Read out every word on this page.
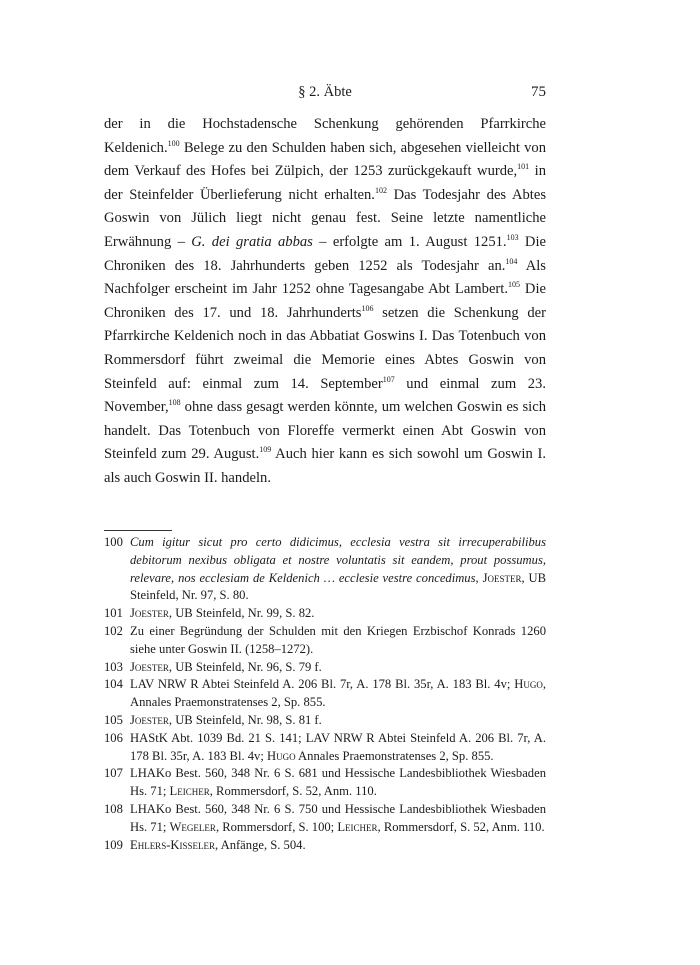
§ 2. Äbte	75

der in die Hochstadensche Schenkung gehörenden Pfarrkirche Keldenich.$^{100}$ Belege zu den Schulden haben sich, abgesehen vielleicht von dem Verkauf des Hofes bei Zülpich, der 1253 zurückgekauft wurde,$^{101}$ in der Steinfelder Überlieferung nicht erhalten.$^{102}$ Das Todesjahr des Abtes Goswin von Jülich liegt nicht genau fest. Seine letzte namentliche Erwähnung – G. dei gratia abbas – erfolgte am 1. August 1251.$^{103}$ Die Chroniken des 18. Jahrhunderts geben 1252 als Todesjahr an.$^{104}$ Als Nachfolger erscheint im Jahr 1252 ohne Tagesangabe Abt Lambert.$^{105}$ Die Chroniken des 17. und 18. Jahrhunderts$^{106}$ setzen die Schenkung der Pfarrkirche Keldenich noch in das Abbatiat Goswins I. Das Totenbuch von Rommersdorf führt zweimal die Memorie eines Abtes Goswin von Steinfeld auf: einmal zum 14. September$^{107}$ und einmal zum 23. November,$^{108}$ ohne dass gesagt werden könnte, um welchen Goswin es sich handelt. Das Totenbuch von Floreffe vermerkt einen Abt Goswin von Steinfeld zum 29. August.$^{109}$ Auch hier kann es sich sowohl um Goswin I. als auch Goswin II. handeln.

100 Cum igitur sicut pro certo didicimus, ecclesia vestra sit irrecuperabilibus debitorum nexibus obligata et nostre voluntatis sit eandem, prout possumus, relevare, nos ecclesiam de Keldenich … ecclesie vestre concedimus, Joester, UB Steinfeld, Nr. 97, S. 80.
101 Joester, UB Steinfeld, Nr. 99, S. 82.
102 Zu einer Begründung der Schulden mit den Kriegen Erzbischof Konrads 1260 siehe unter Goswin II. (1258–1272).
103 Joester, UB Steinfeld, Nr. 96, S. 79 f.
104 LAV NRW R Abtei Steinfeld A. 206 Bl. 7r, A. 178 Bl. 35r, A. 183 Bl. 4v; Hugo, Annales Praemonstratenses 2, Sp. 855.
105 Joester, UB Steinfeld, Nr. 98, S. 81 f.
106 HAStK Abt. 1039 Bd. 21 S. 141; LAV NRW R Abtei Steinfeld A. 206 Bl. 7r, A. 178 Bl. 35r, A. 183 Bl. 4v; Hugo Annales Praemonstratenses 2, Sp. 855.
107 LHAKo Best. 560, 348 Nr. 6 S. 681 und Hessische Landesbibliothek Wiesbaden Hs. 71; Leicher, Rommersdorf, S. 52, Anm. 110.
108 LHAKo Best. 560, 348 Nr. 6 S. 750 und Hessische Landesbibliothek Wiesbaden Hs. 71; Wegeler, Rommersdorf, S. 100; Leicher, Rommersdorf, S. 52, Anm. 110.
109 Ehlers-Kisseler, Anfänge, S. 504.
